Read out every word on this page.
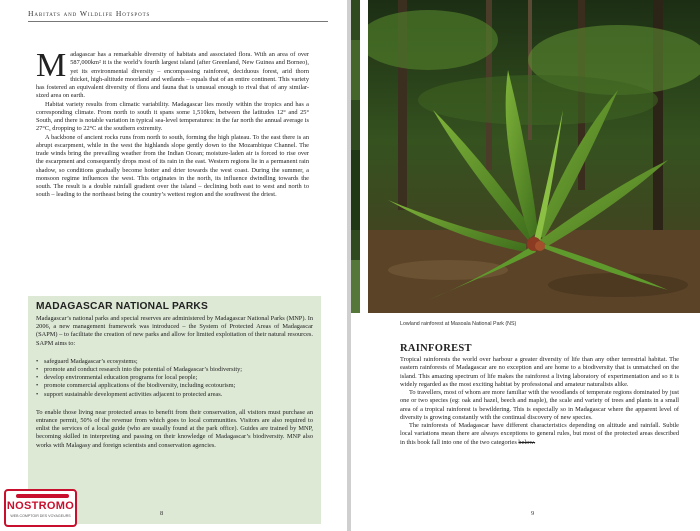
Habitats and Wildlife Hotspots

Madagascar has a remarkable diversity of habitats and associated flora. With an area of over 587,000km² it is the world’s fourth largest island (after Greenland, New Guinea and Borneo), yet its environmental diversity – encompassing rainforest, deciduous forest, arid thorn thicket, high-altitude moorland and wetlands – equals that of an entire continent. This variety has fostered an equivalent diversity of flora and fauna that is unusual enough to rival that of any similar-sized area on earth.

Habitat variety results from climatic variability. Madagascar lies mostly within the tropics and has a corresponding climate. From north to south it spans some 1,510km, between the latitudes 12° and 25° South, and there is notable variation in typical sea-level temperatures: in the far north the annual average is 27°C, dropping to 22°C at the southern extremity.

A backbone of ancient rocks runs from north to south, forming the high plateau. To the east there is an abrupt escarpment, while in the west the highlands slope gently down to the Mozambique Channel. The trade winds bring the prevailing weather from the Indian Ocean; moisture-laden air is forced to rise over the escarpment and consequently drops most of its rain in the east. Western regions lie in a permanent rain shadow, so conditions gradually become hotter and drier towards the west coast. During the summer, a monsoon regime influences the west. This originates in the north, its influence dwindling towards the south. The result is a double rainfall gradient over the island – declining both east to west and north to south – leading to the northeast being the country’s wettest region and the southwest the driest.

MADAGASCAR NATIONAL PARKS

Madagascar’s national parks and special reserves are administered by Madagascar National Parks (MNP). In 2006, a new management framework was introduced – the System of Protected Areas of Madagascar (SAPM) – to facilitate the creation of new parks and allow for limited exploitation of their natural resources. SAPM aims to:

• safeguard Madagascar’s ecosystems;
• promote and conduct research into the potential of Madagascar’s biodiversity;
• develop environmental education programs for local people;
• promote commercial applications of the biodiversity, including ecotourism;
• support sustainable development activities adjacent to protected areas.

To enable those living near protected areas to benefit from their conservation, all visitors must purchase an entrance permit, 50% of the revenue from which goes to local communities. Visitors are also required to enlist the services of a local guide (who are usually found at the park office). Guides are trained by MNP, becoming skilled in interpreting and passing on their knowledge of Madagascar’s biodiversity. MNP also works with Malagasy and foreign scientists and conservation agencies.

8
NOSTROMO
WEB COMPTOIR DES VOYAGEURS
Lowland rainforest at Masoala National Park (NS)
RAINFOREST

Tropical rainforests the world over harbour a greater diversity of life than any other terrestrial habitat. The eastern rainforests of Madagascar are no exception and are home to a biodiversity that is unmatched on the island. This amazing spectrum of life makes the rainforest a living laboratory of experimentation and so it is widely regarded as the most exciting habitat by professional and amateur naturalists alike.

To travellers, most of whom are more familiar with the woodlands of temperate regions dominated by just one or two species (eg: oak and hazel, beech and maple), the scale and variety of trees and plants in a small area of a tropical rainforest is bewildering. This is especially so in Madagascar where the apparent level of diversity is growing constantly with the continual discovery of new species.

The rainforests of Madagascar have different characteristics depending on altitude and rainfall. Subtle local variations mean there are always exceptions to general rules, but most of the protected areas described in this book fall into one of the two categories below.

9
